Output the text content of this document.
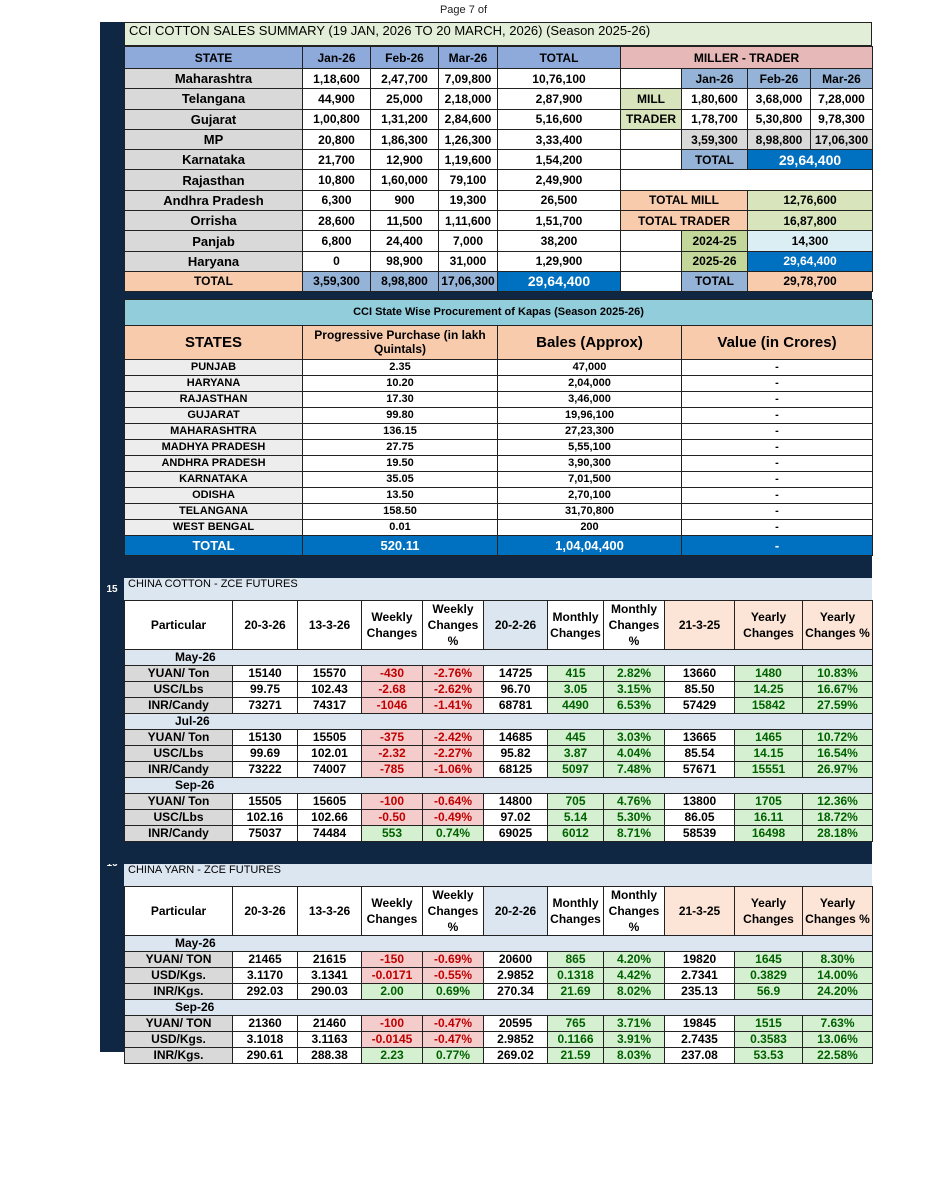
Page 7 of
15
CCI COTTON SALES SUMMARY (19 JAN, 2026 TO 20 MARCH, 2026) (Season 2025-26)
STATE	Jan-26	Feb-26	Mar-26	TOTAL	MILLER - TRADER			
Maharashtra	1,18,600	2,47,700	7,09,800	10,76,100		Jan-26	Feb-26	Mar-26
Telangana	44,900	25,000	2,18,000	2,87,900	MILL	1,80,600	3,68,000	7,28,000
Gujarat	1,00,800	1,31,200	2,84,600	5,16,600	TRADER	1,78,700	5,30,800	9,78,300
MP	20,800	1,86,300	1,26,300	3,33,400		3,59,300	8,98,800	17,06,300
Karnataka	21,700	12,900	1,19,600	1,54,200		TOTAL	29,64,400	
Rajasthan	10,800	1,60,000	79,100	2,49,900				
Andhra Pradesh	6,300	900	19,300	26,500	TOTAL MILL		12,76,600	
Orrisha	28,600	11,500	1,11,600	1,51,700	TOTAL TRADER		16,87,800	
Panjab	6,800	24,400	7,000	38,200		2024-25	14,300	
Haryana	0	98,900	31,000	1,29,900		2025-26	29,64,400	
TOTAL	3,59,300	8,98,800	17,06,300	29,64,400		TOTAL	29,78,700	
CCI State Wise Procurement of Kapas (Season 2025-26)			
STATES	Progressive Purchase (in lakh Quintals)	Bales (Approx)	Value (in Crores)
PUNJAB	2.35	47,000	-
HARYANA	10.20	2,04,000	-
RAJASTHAN	17.30	3,46,000	-
GUJARAT	99.80	19,96,100	-
MAHARASHTRA	136.15	27,23,300	-
MADHYA PRADESH	27.75	5,55,100	-
ANDHRA PRADESH	19.50	3,90,300	-
KARNATAKA	35.05	7,01,500	-
ODISHA	13.50	2,70,100	-
TELANGANA	158.50	31,70,800	-
WEST BENGAL	0.01	200	-
TOTAL	520.11	1,04,04,400	-
CHINA COTTON - ZCE FUTURES
Particular	20-3-26	13-3-26	Weekly Changes	Weekly Changes %	20-2-26	Monthly Changes	Monthly Changes %	21-3-25	Yearly Changes	Yearly Changes %
May-26										
YUAN/ Ton	15140	15570	-430	-2.76%	14725	415	2.82%	13660	1480	10.83%
USC/Lbs	99.75	102.43	-2.68	-2.62%	96.70	3.05	3.15%	85.50	14.25	16.67%
INR/Candy	73271	74317	-1046	-1.41%	68781	4490	6.53%	57429	15842	27.59%
Jul-26										
YUAN/ Ton	15130	15505	-375	-2.42%	14685	445	3.03%	13665	1465	10.72%
USC/Lbs	99.69	102.01	-2.32	-2.27%	95.82	3.87	4.04%	85.54	14.15	16.54%
INR/Candy	73222	74007	-785	-1.06%	68125	5097	7.48%	57671	15551	26.97%
Sep-26										
YUAN/ Ton	15505	15605	-100	-0.64%	14800	705	4.76%	13800	1705	12.36%
USC/Lbs	102.16	102.66	-0.50	-0.49%	97.02	5.14	5.30%	86.05	16.11	18.72%
INR/Candy	75037	74484	553	0.74%	69025	6012	8.71%	58539	16498	28.18%
CHINA YARN - ZCE FUTURES
Particular	20-3-26	13-3-26	Weekly Changes	Weekly Changes %	20-2-26	Monthly Changes	Monthly Changes %	21-3-25	Yearly Changes	Yearly Changes %
May-26										
YUAN/ TON	21465	21615	-150	-0.69%	20600	865	4.20%	19820	1645	8.30%
USD/Kgs.	3.1170	3.1341	-0.0171	-0.55%	2.9852	0.1318	4.42%	2.7341	0.3829	14.00%
INR/Kgs.	292.03	290.03	2.00	0.69%	270.34	21.69	8.02%	235.13	56.9	24.20%
Sep-26										
YUAN/ TON	21360	21460	-100	-0.47%	20595	765	3.71%	19845	1515	7.63%
USD/Kgs.	3.1018	3.1163	-0.0145	-0.47%	2.9852	0.1166	3.91%	2.7435	0.3583	13.06%
INR/Kgs.	290.61	288.38	2.23	0.77%	269.02	21.59	8.03%	237.08	53.53	22.58%
